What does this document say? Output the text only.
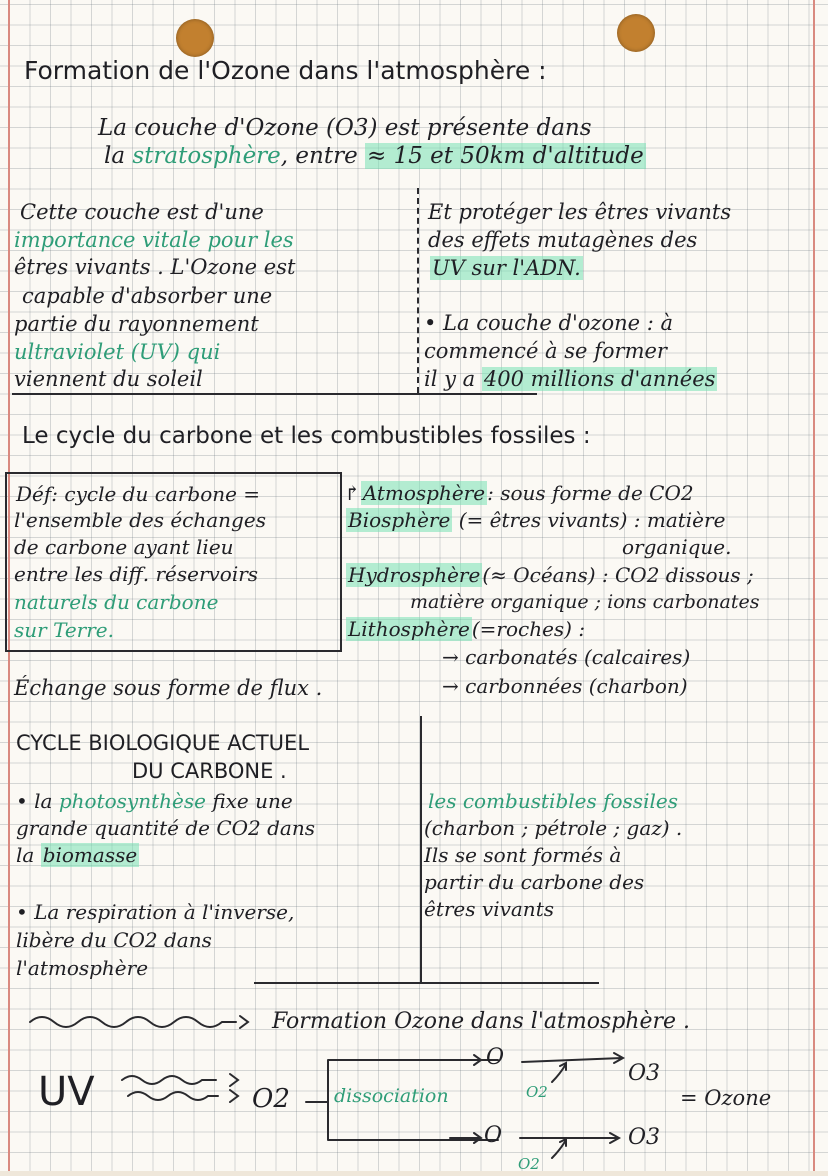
Formation de l'Ozone dans l'atmosphère :
La couche d'Ozone (O3) est présente dans
la stratosphère, entre ≈ 15 et 50km d'altitude
Cette couche est d'une
importance vitale pour les
êtres vivants . L'Ozone est
capable d'absorber une
partie du rayonnement
ultraviolet (UV) qui
viennent du soleil
Et protéger les êtres vivants
des effets mutagènes des
UV sur l'ADN.
• La couche d'ozone : à
commencé à se former
il y a 400 millions d'années
Le cycle du carbone et les combustibles fossiles :
Déf: cycle du carbone =
l'ensemble des échanges
de carbone ayant lieu
entre les diff. réservoirs
naturels du carbone
sur Terre.
↱ Atmosphère : sous forme de CO2
Biosphère (= êtres vivants) : matière
organique.
Hydrosphère (≈ Océans) : CO2 dissous ;
matière organique ; ions carbonates
Lithosphère (=roches) :
→ carbonatés (calcaires)
→ carbonnées (charbon)
Échange sous forme de flux .
CYCLE BIOLOGIQUE ACTUEL
DU CARBONE .
• la photosynthèse fixe une
grande quantité de CO2 dans
la biomasse
• La respiration à l'inverse,
libère du CO2 dans
l'atmosphère
les combustibles fossiles
(charbon ; pétrole ; gaz) .
Ils se sont formés à
partir du carbone des
êtres vivants
Formation Ozone dans l'atmosphère .
UV	O2 dissociation
O
O
O2
O2
O3
O3
= Ozone
